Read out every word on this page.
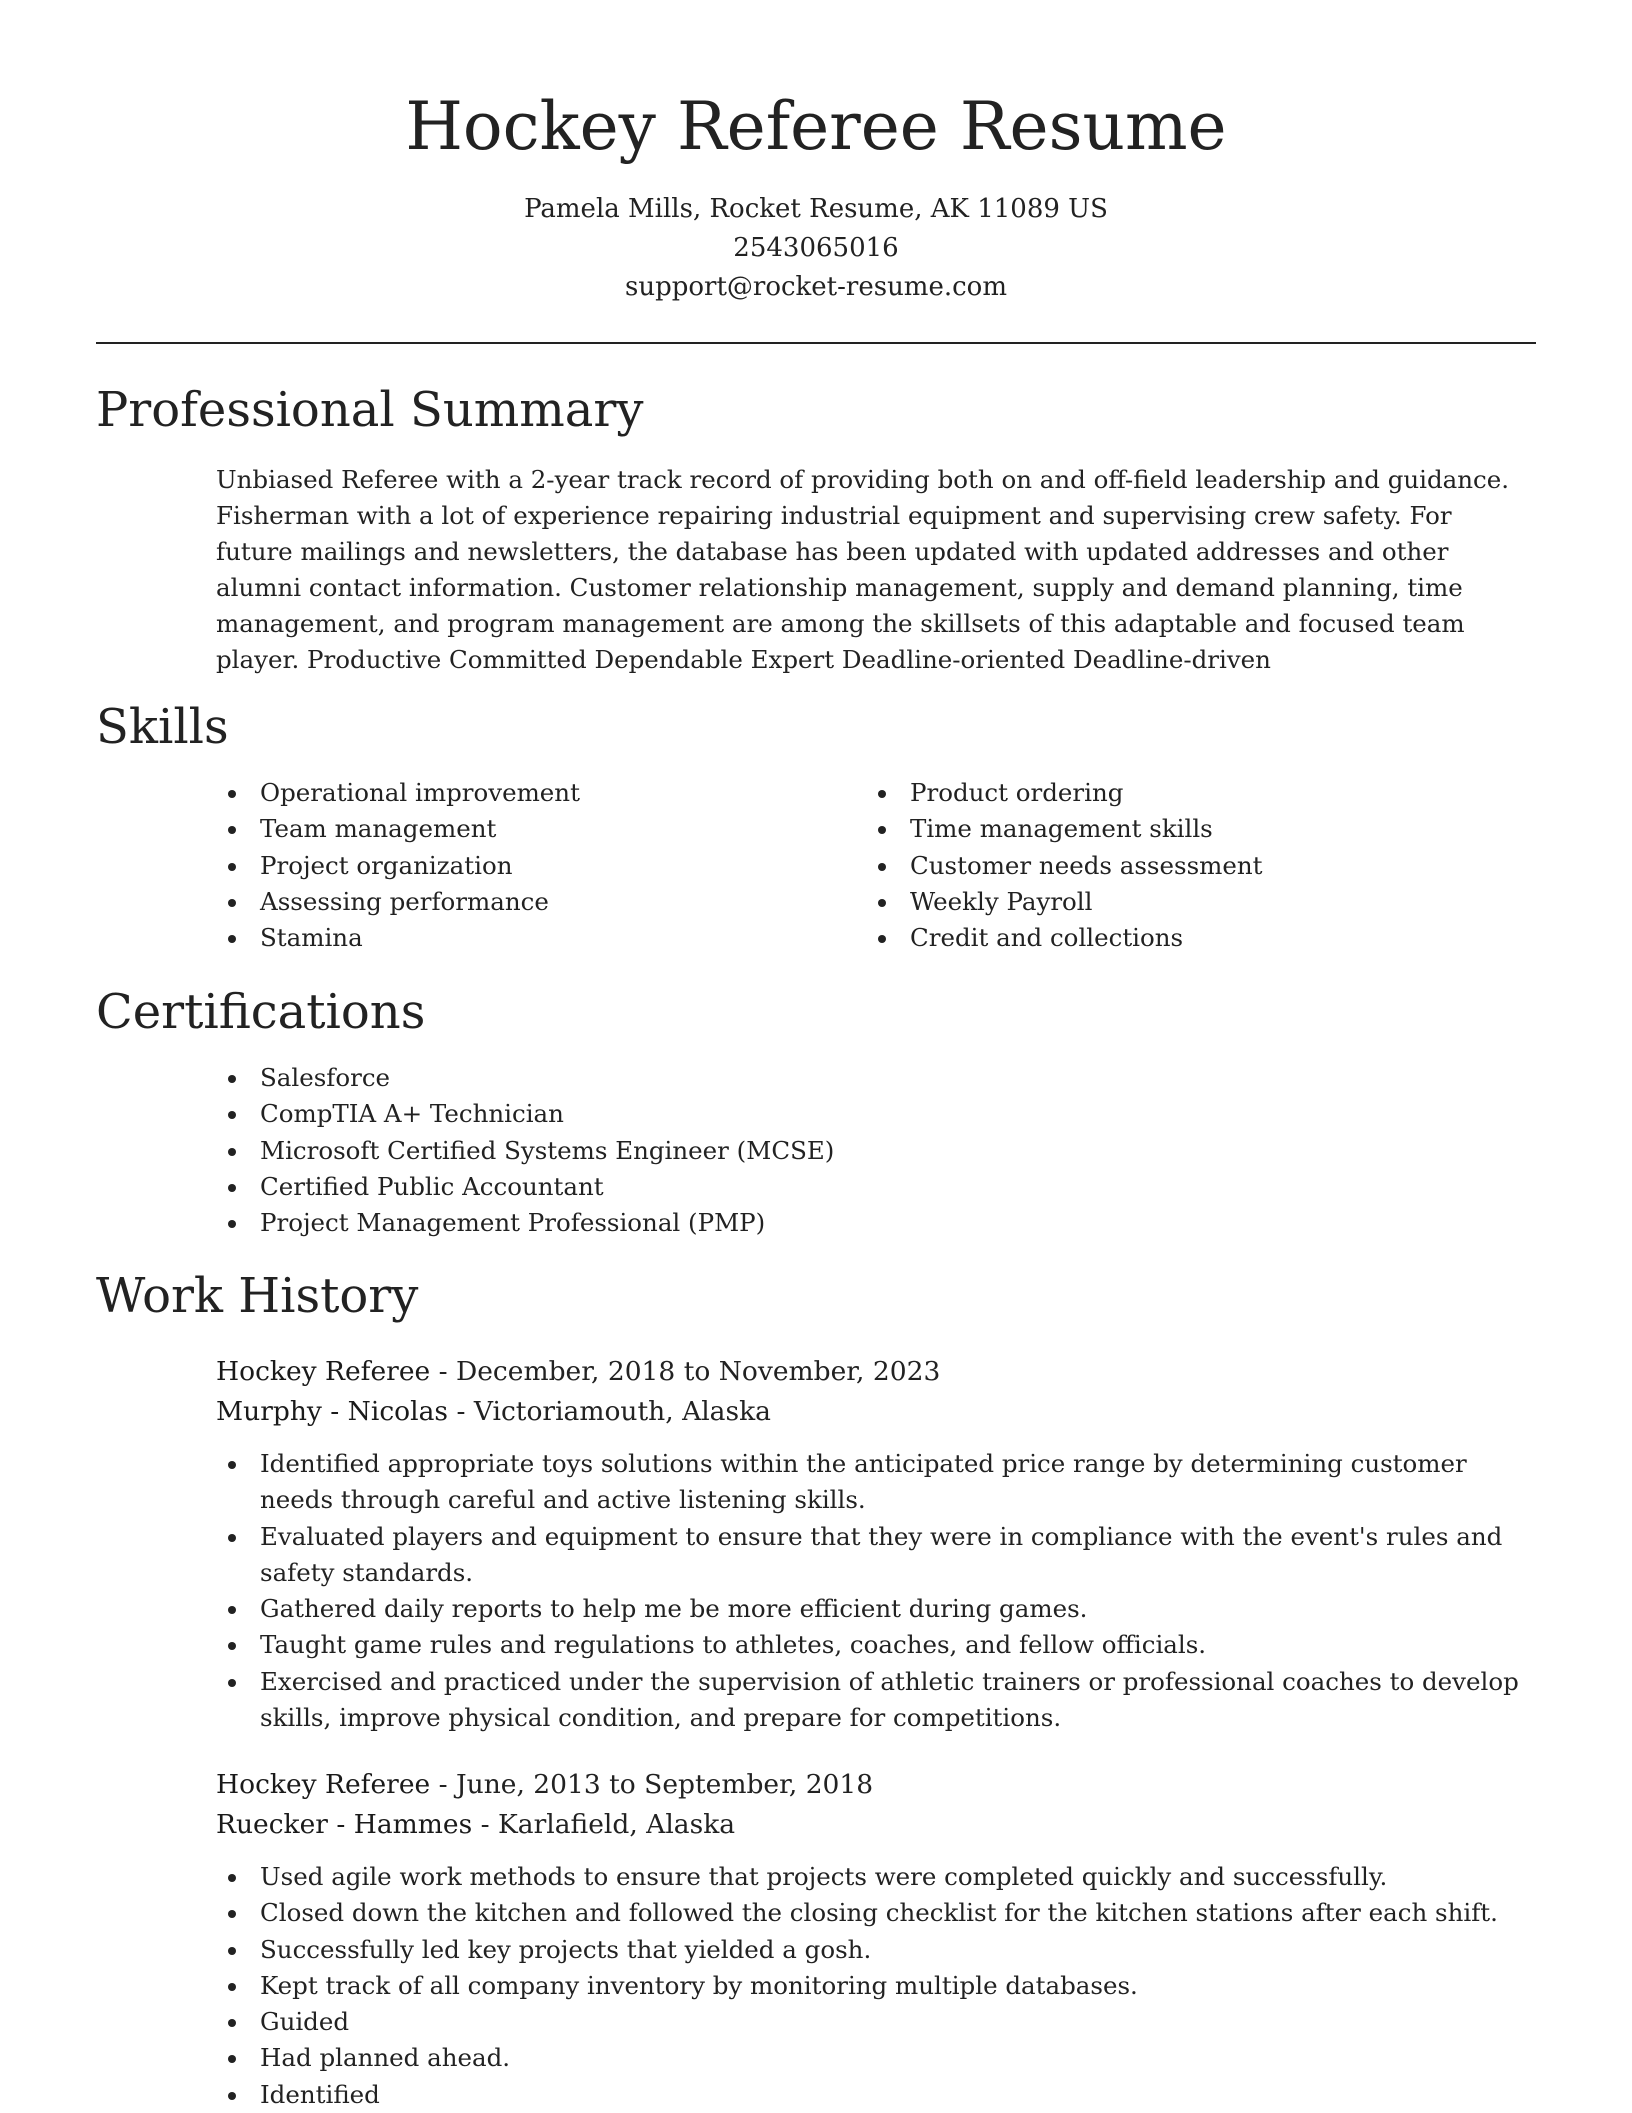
Hockey Referee Resume
Pamela Mills, Rocket Resume, AK 11089 US
2543065016
support@rocket-resume.com
Professional Summary

Unbiased Referee with a 2-year track record of providing both on and off-field leadership and guidance. Fisherman with a lot of experience repairing industrial equipment and supervising crew safety. For future mailings and newsletters, the database has been updated with updated addresses and other alumni contact information. Customer relationship management, supply and demand planning, time management, and program management are among the skillsets of this adaptable and focused team player. Productive Committed Dependable Expert Deadline-oriented Deadline-driven

Skills
Operational improvement
Team management
Project organization
Assessing performance
Stamina
Product ordering
Time management skills
Customer needs assessment
Weekly Payroll
Credit and collections
Certifications
Salesforce
CompTIA A+ Technician
Microsoft Certified Systems Engineer (MCSE)
Certified Public Accountant
Project Management Professional (PMP)
Work History
Hockey Referee - December, 2018 to November, 2023
Murphy - Nicolas - Victoriamouth, Alaska
Identified appropriate toys solutions within the anticipated price range by determining customer needs through careful and active listening skills.
Evaluated players and equipment to ensure that they were in compliance with the event's rules and safety standards.
Gathered daily reports to help me be more efficient during games.
Taught game rules and regulations to athletes, coaches, and fellow officials.
Exercised and practiced under the supervision of athletic trainers or professional coaches to develop skills, improve physical condition, and prepare for competitions.
Hockey Referee - June, 2013 to September, 2018
Ruecker - Hammes - Karlafield, Alaska
Used agile work methods to ensure that projects were completed quickly and successfully.
Closed down the kitchen and followed the closing checklist for the kitchen stations after each shift.
Successfully led key projects that yielded a gosh.
Kept track of all company inventory by monitoring multiple databases.
Guided
Had planned ahead.
Identified
